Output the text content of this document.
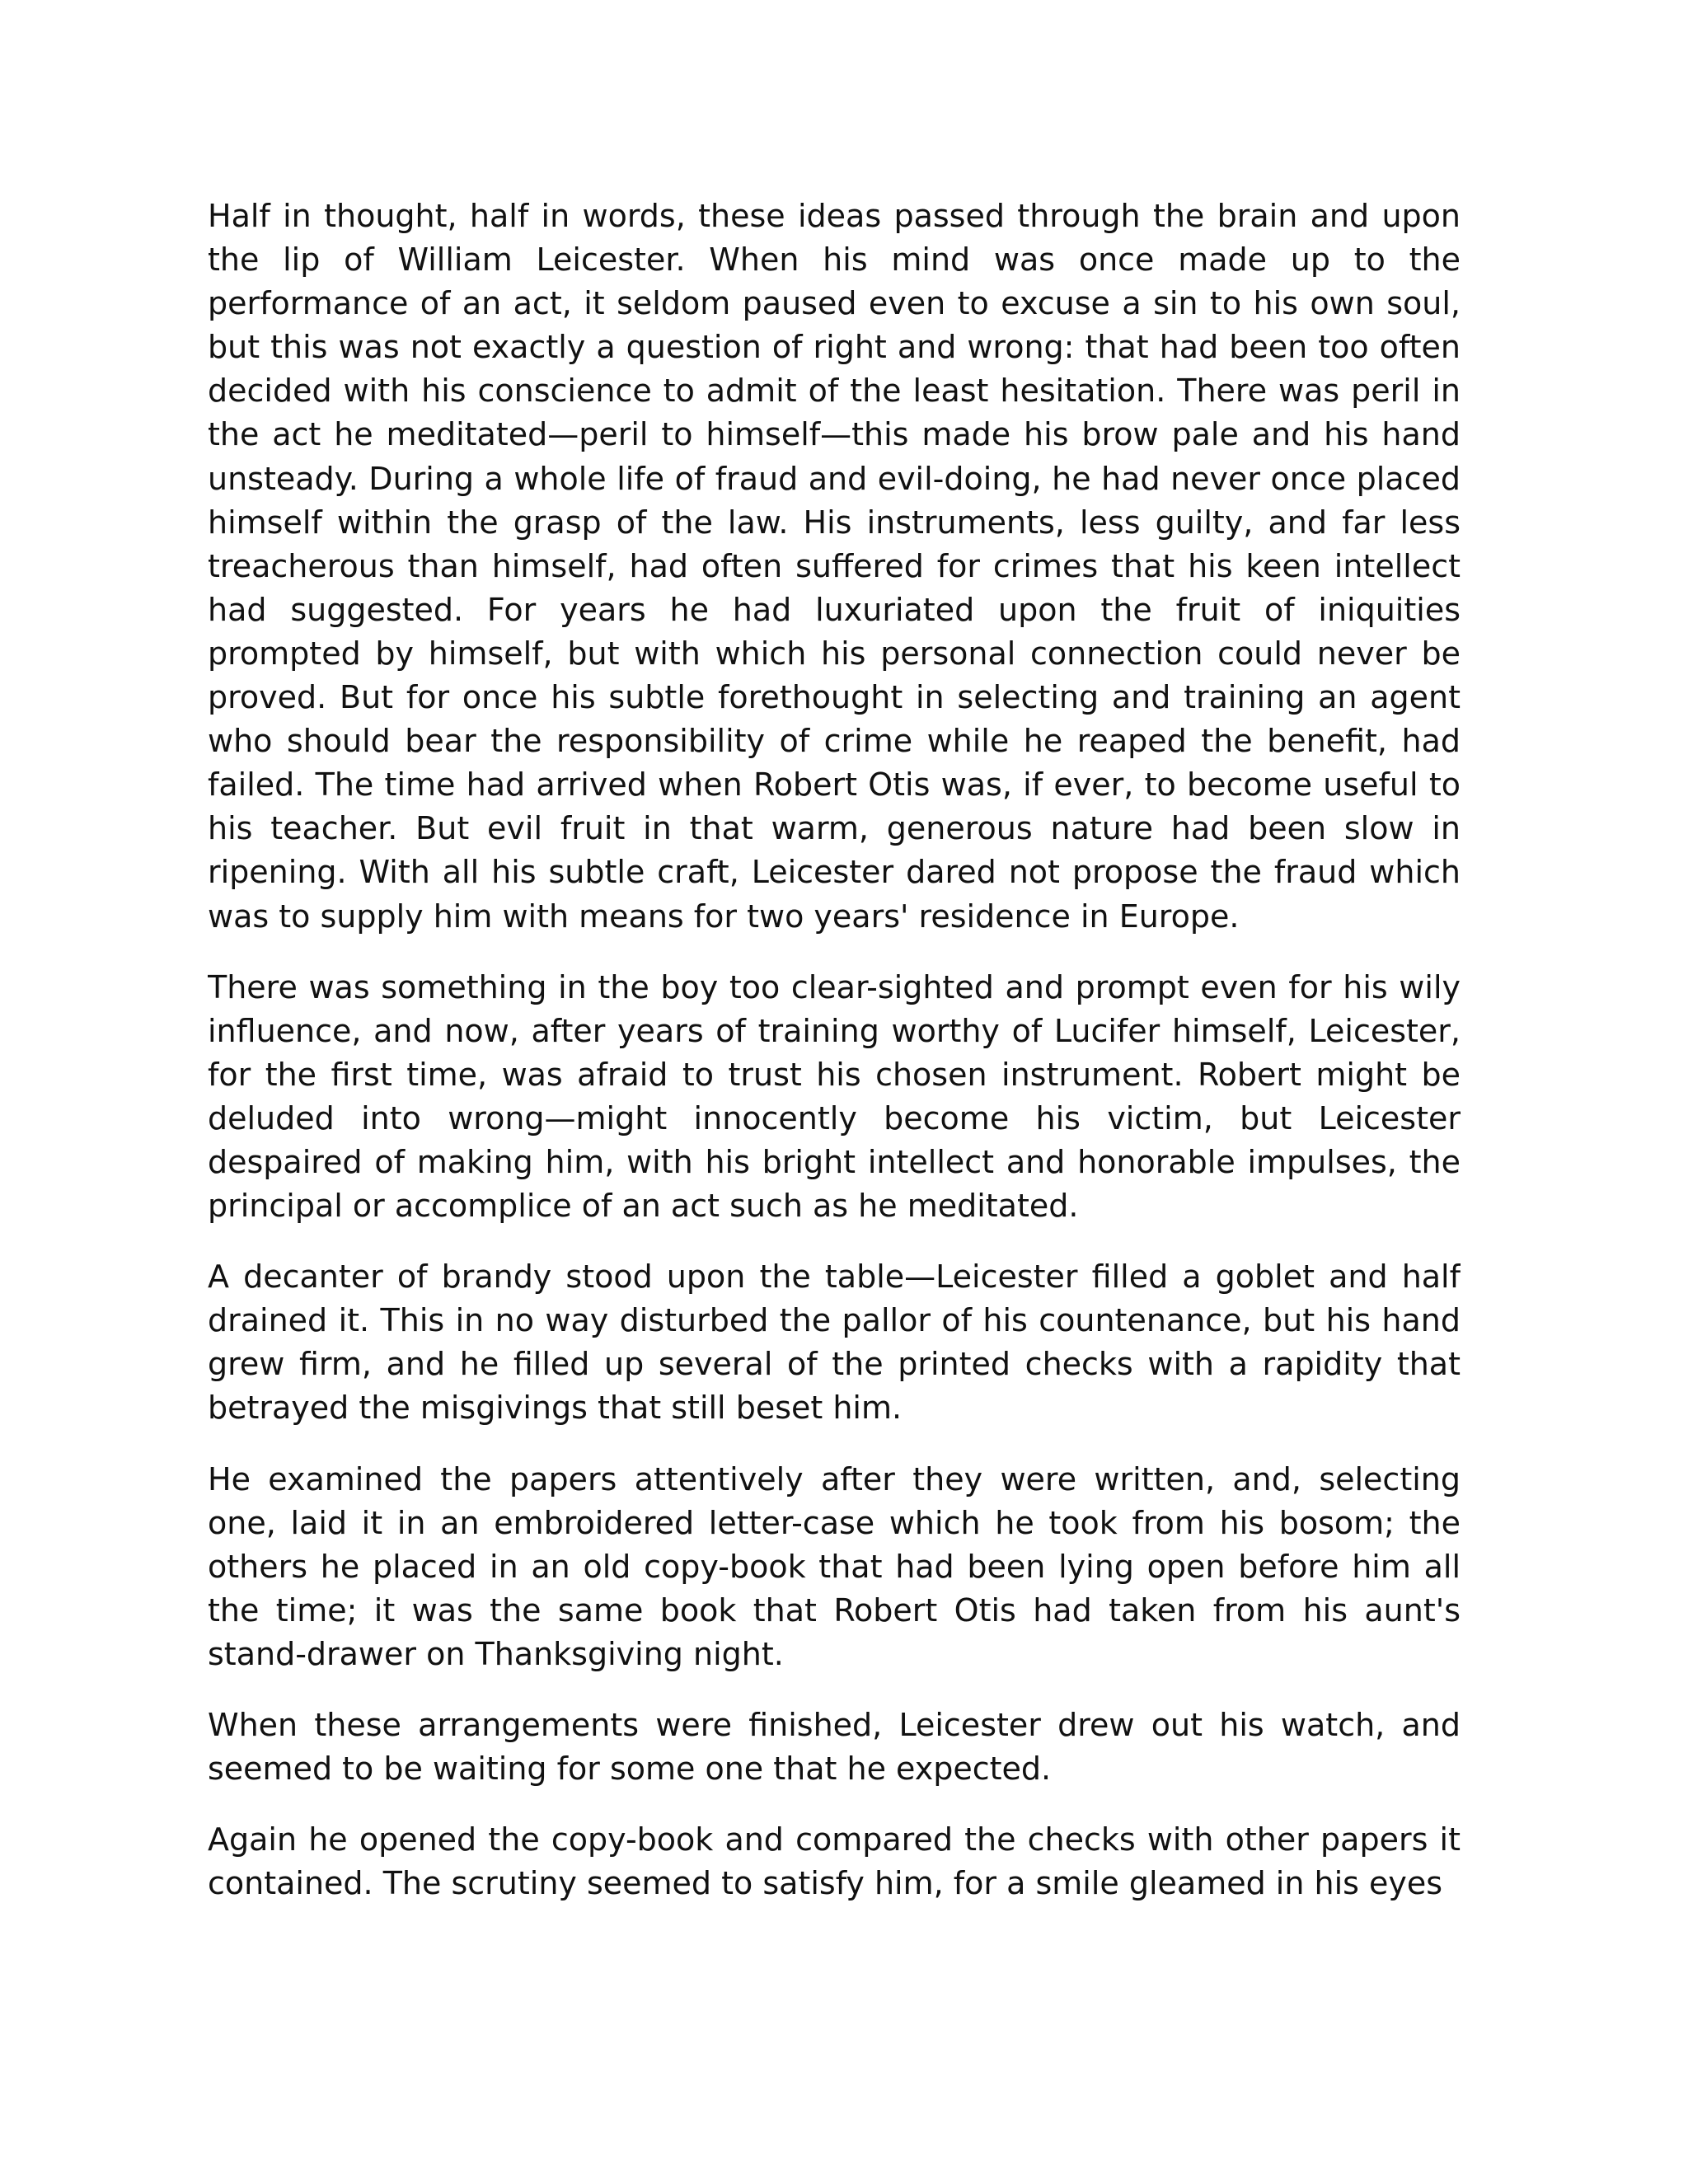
Half in thought, half in words, these ideas passed through the brain and upon the lip of William Leicester. When his mind was once made up to the performance of an act, it seldom paused even to excuse a sin to his own soul, but this was not exactly a question of right and wrong: that had been too often decided with his conscience to admit of the least hesitation. There was peril in the act he meditated—peril to himself—this made his brow pale and his hand unsteady. During a whole life of fraud and evil-doing, he had never once placed himself within the grasp of the law. His instruments, less guilty, and far less treacherous than himself, had often suffered for crimes that his keen intellect had suggested. For years he had luxuriated upon the fruit of iniquities prompted by himself, but with which his personal connection could never be proved. But for once his subtle forethought in selecting and training an agent who should bear the responsibility of crime while he reaped the benefit, had failed. The time had arrived when Robert Otis was, if ever, to become useful to his teacher. But evil fruit in that warm, generous nature had been slow in ripening. With all his subtle craft, Leicester dared not propose the fraud which was to supply him with means for two years' residence in Europe.

There was something in the boy too clear-sighted and prompt even for his wily influence, and now, after years of training worthy of Lucifer himself, Leicester, for the first time, was afraid to trust his chosen instrument. Robert might be deluded into wrong—might innocently become his victim, but Leicester despaired of making him, with his bright intellect and honorable impulses, the principal or accomplice of an act such as he meditated.

A decanter of brandy stood upon the table—Leicester filled a goblet and half drained it. This in no way disturbed the pallor of his countenance, but his hand grew firm, and he filled up several of the printed checks with a rapidity that betrayed the misgivings that still beset him.

He examined the papers attentively after they were written, and, selecting one, laid it in an embroidered letter-case which he took from his bosom; the others he placed in an old copy-book that had been lying open before him all the time; it was the same book that Robert Otis had taken from his aunt's stand-drawer on Thanksgiving night.

When these arrangements were finished, Leicester drew out his watch, and seemed to be waiting for some one that he expected.

Again he opened the copy-book and compared the checks with other papers it contained. The scrutiny seemed to satisfy him, for a smile gleamed in his eyes
